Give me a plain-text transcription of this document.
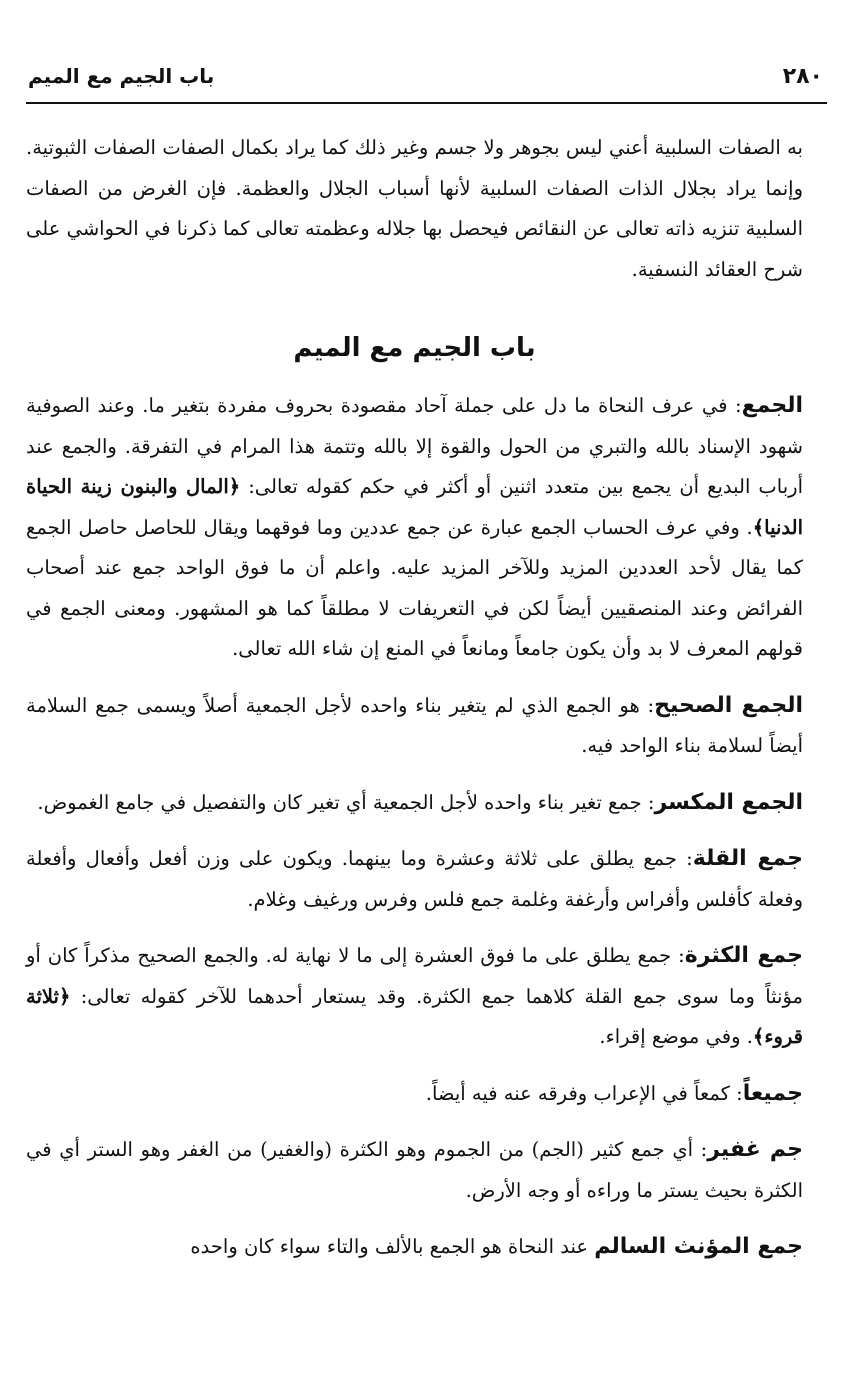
٢٨٠
باب الجيم مع الميم

به الصفات السلبية أعني ليس بجوهر ولا جسم وغير ذلك كما يراد بكمال الصفات الصفات الثبوتية. وإنما يراد بجلال الذات الصفات السلبية لأنها أسباب الجلال والعظمة. فإن الغرض من الصفات السلبية تنزيه ذاته تعالى عن النقائص فيحصل بها جلاله وعظمته تعالى كما ذكرنا في الحواشي على شرح العقائد النسفية.

باب الجيم مع الميم

الجمع: في عرف النحاة ما دل على جملة آحاد مقصودة بحروف مفردة بتغير ما. وعند الصوفية شهود الإسناد بالله والتبري من الحول والقوة إلا بالله وتتمة هذا المرام في التفرقة. والجمع عند أرباب البديع أن يجمع بين متعدد اثنين أو أكثر في حكم كقوله تعالى: ﴿المال والبنون زينة الحياة الدنيا﴾. وفي عرف الحساب الجمع عبارة عن جمع عددين وما فوقهما ويقال للحاصل حاصل الجمع كما يقال لأحد العددين المزيد وللآخر المزيد عليه. واعلم أن ما فوق الواحد جمع عند أصحاب الفرائض وعند المنصقيين أيضاً لكن في التعريفات لا مطلقاً كما هو المشهور. ومعنى الجمع في قولهم المعرف لا بد وأن يكون جامعاً ومانعاً في المنع إن شاء الله تعالى.

الجمع الصحيح: هو الجمع الذي لم يتغير بناء واحده لأجل الجمعية أصلاً ويسمى جمع السلامة أيضاً لسلامة بناء الواحد فيه.

الجمع المكسر: جمع تغير بناء واحده لأجل الجمعية أي تغير كان والتفصيل في جامع الغموض.

جمع القلة: جمع يطلق على ثلاثة وعشرة وما بينهما. ويكون على وزن أفعل وأفعال وأفعلة وفعلة كأفلس وأفراس وأرغفة وغلمة جمع فلس وفرس ورغيف وغلام.

جمع الكثرة: جمع يطلق على ما فوق العشرة إلى ما لا نهاية له. والجمع الصحيح مذكراً كان أو مؤنثاً وما سوى جمع القلة كلاهما جمع الكثرة. وقد يستعار أحدهما للآخر كقوله تعالى: ﴿ثلاثة قروء﴾. وفي موضع إقراء.

جميعاً: كمعاً في الإعراب وفرقه عنه فيه أيضاً.

جم غفير: أي جمع كثير (الجم) من الجموم وهو الكثرة (والغفير) من الغفر وهو الستر أي في الكثرة بحيث يستر ما وراءه أو وجه الأرض.

جمع المؤنث السالم عند النحاة هو الجمع بالألف والتاء سواء كان واحده
